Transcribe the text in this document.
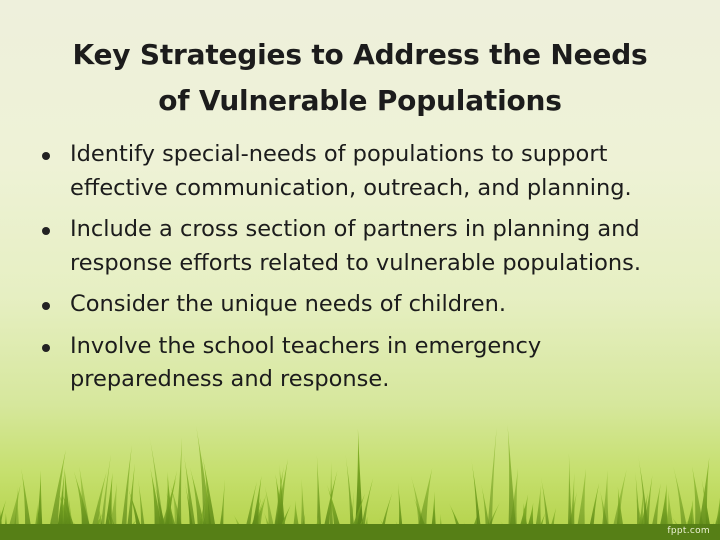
Key Strategies to Address the Needs
of Vulnerable Populations
Identify special-needs of populations to support effective communication, outreach, and planning.
Include a cross section of partners in planning and response efforts related to vulnerable populations.
Consider the unique needs of children.
Involve the school teachers in emergency preparedness and response.
fppt.com
